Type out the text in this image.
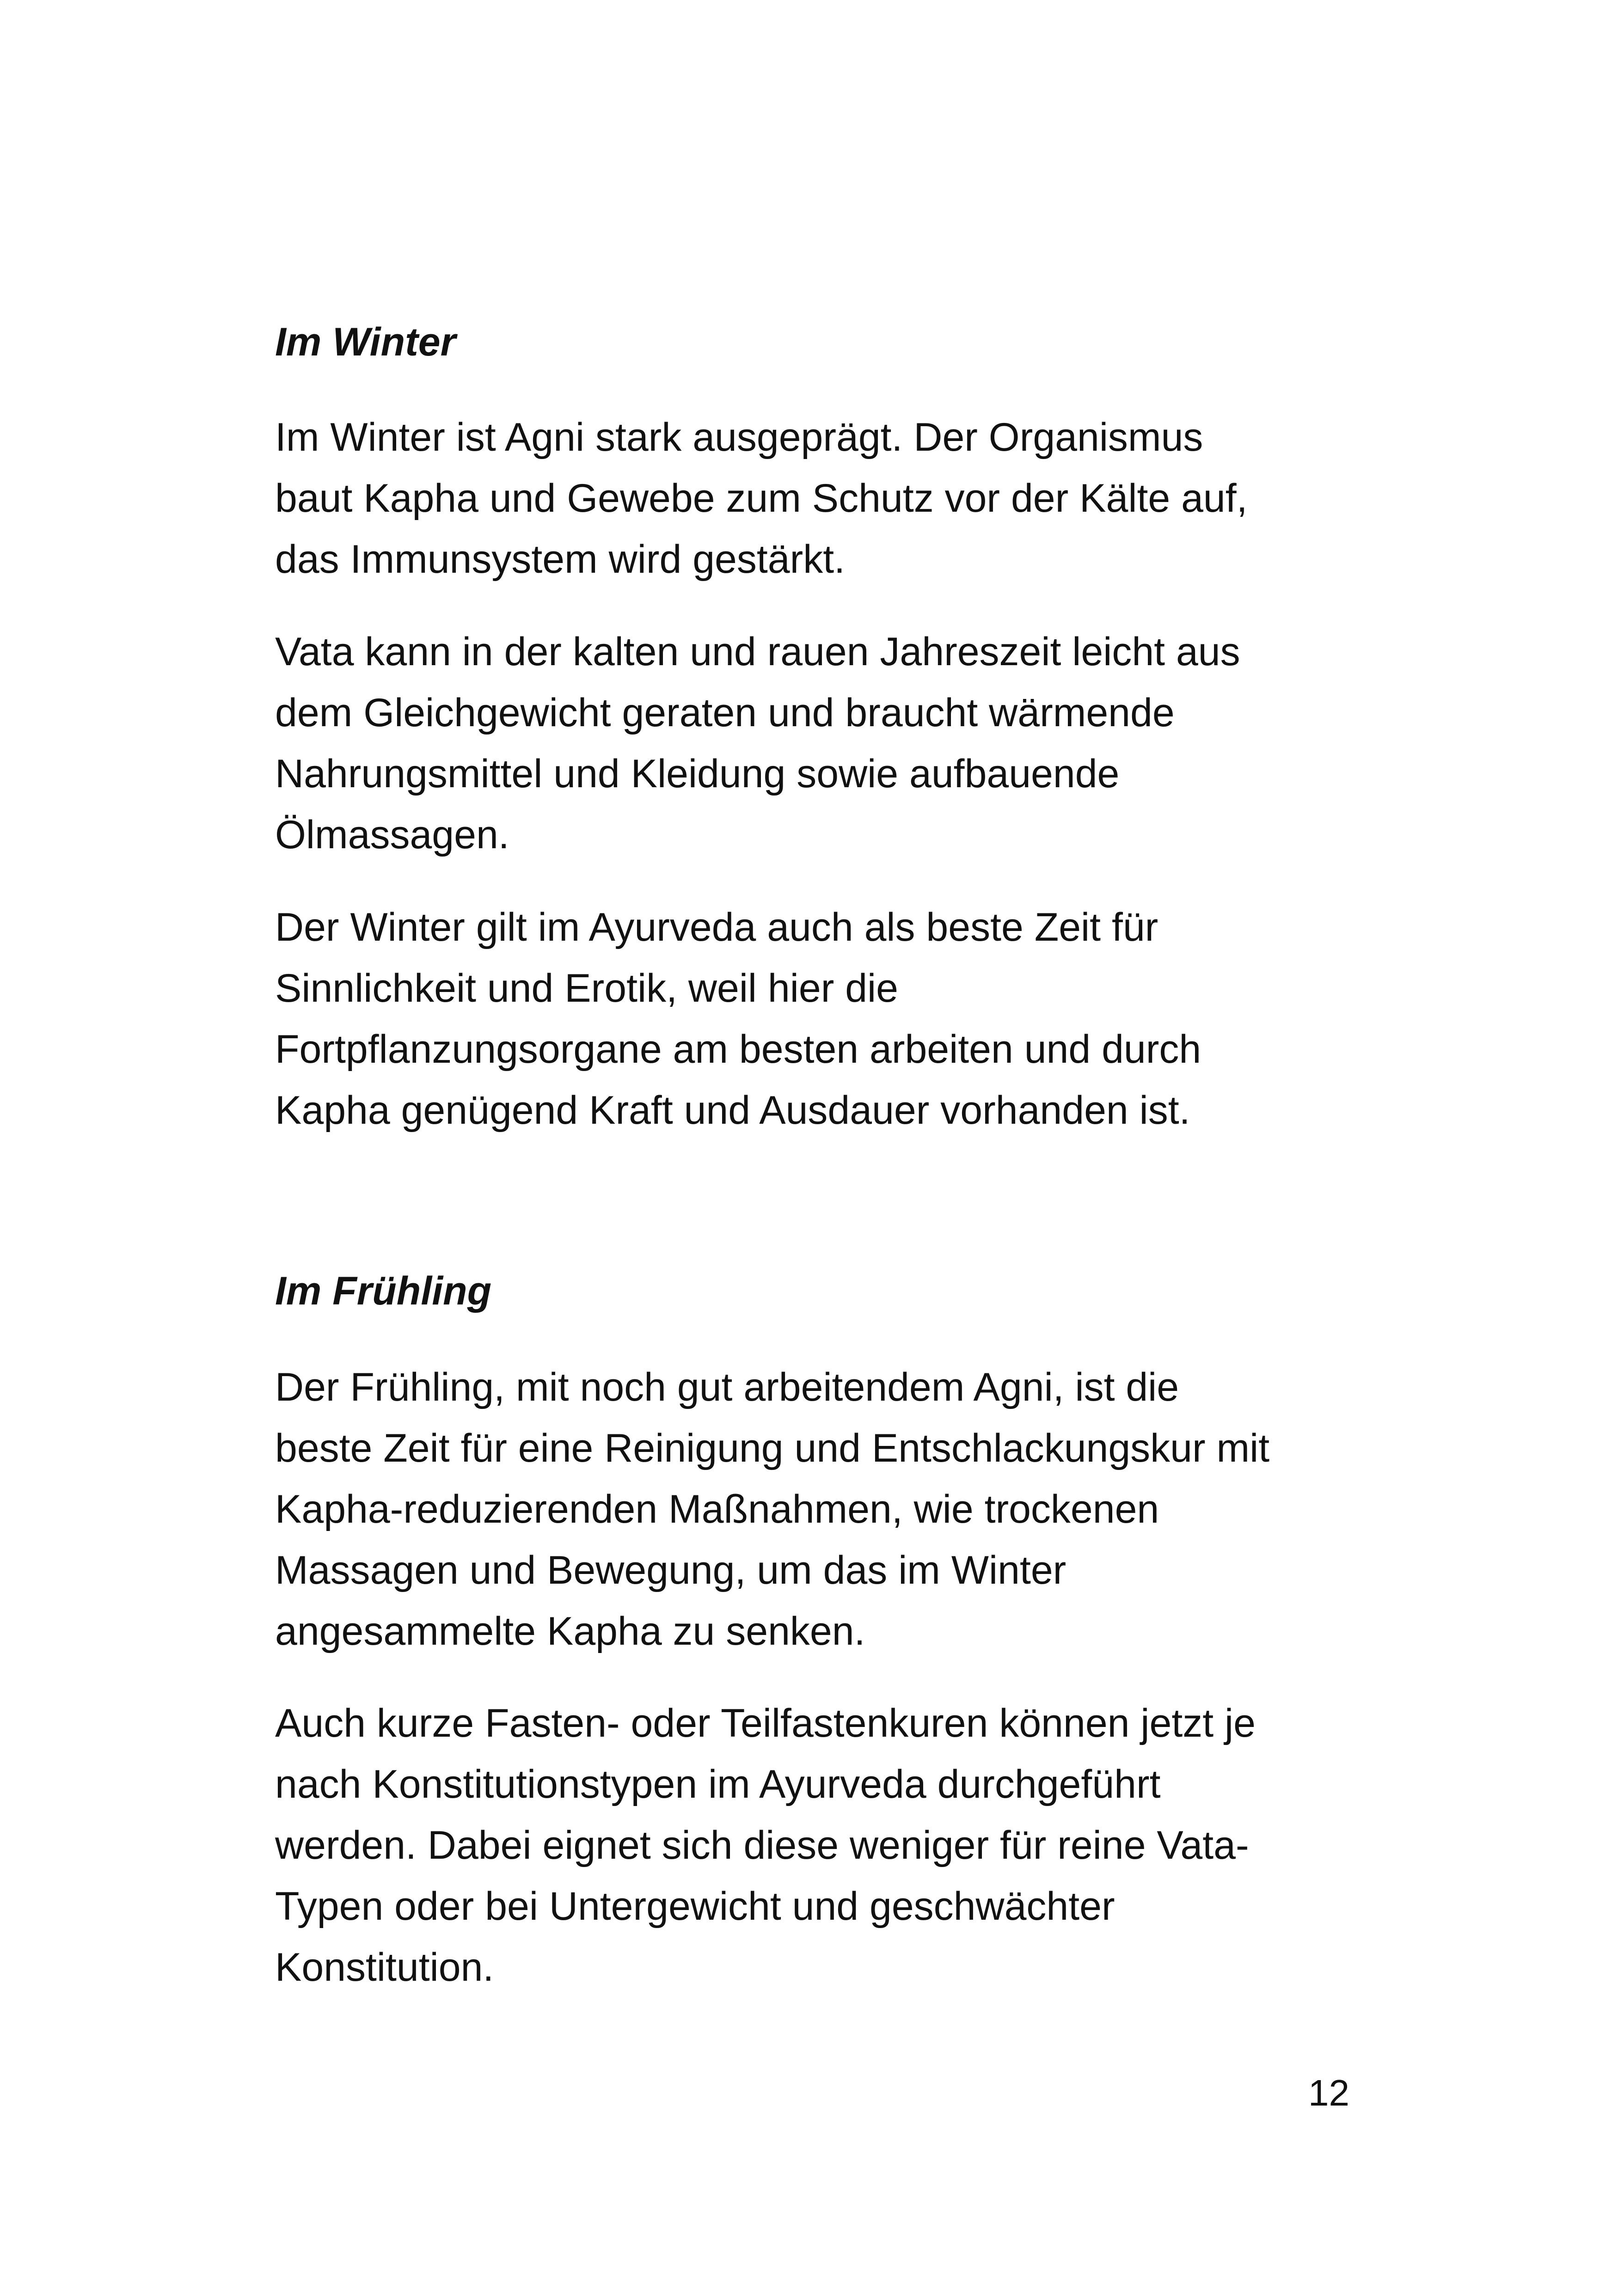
Im Winter

Im Winter ist Agni stark ausgeprägt. Der Organismus
baut Kapha und Gewebe zum Schutz vor der Kälte auf,
das Immunsystem wird gestärkt.

Vata kann in der kalten und rauen Jahreszeit leicht aus
dem Gleichgewicht geraten und braucht wärmende
Nahrungsmittel und Kleidung sowie aufbauende
Ölmassagen.

Der Winter gilt im Ayurveda auch als beste Zeit für
Sinnlichkeit und Erotik, weil hier die
Fortpflanzungsorgane am besten arbeiten und durch
Kapha genügend Kraft und Ausdauer vorhanden ist.

Im Frühling

Der Frühling, mit noch gut arbeitendem Agni, ist die
beste Zeit für eine Reinigung und Entschlackungskur mit
Kapha-reduzierenden Maßnahmen, wie trockenen
Massagen und Bewegung, um das im Winter
angesammelte Kapha zu senken.

Auch kurze Fasten- oder Teilfastenkuren können jetzt je
nach Konstitutionstypen im Ayurveda durchgeführt
werden. Dabei eignet sich diese weniger für reine Vata-
Typen oder bei Untergewicht und geschwächter
Konstitution.

12
